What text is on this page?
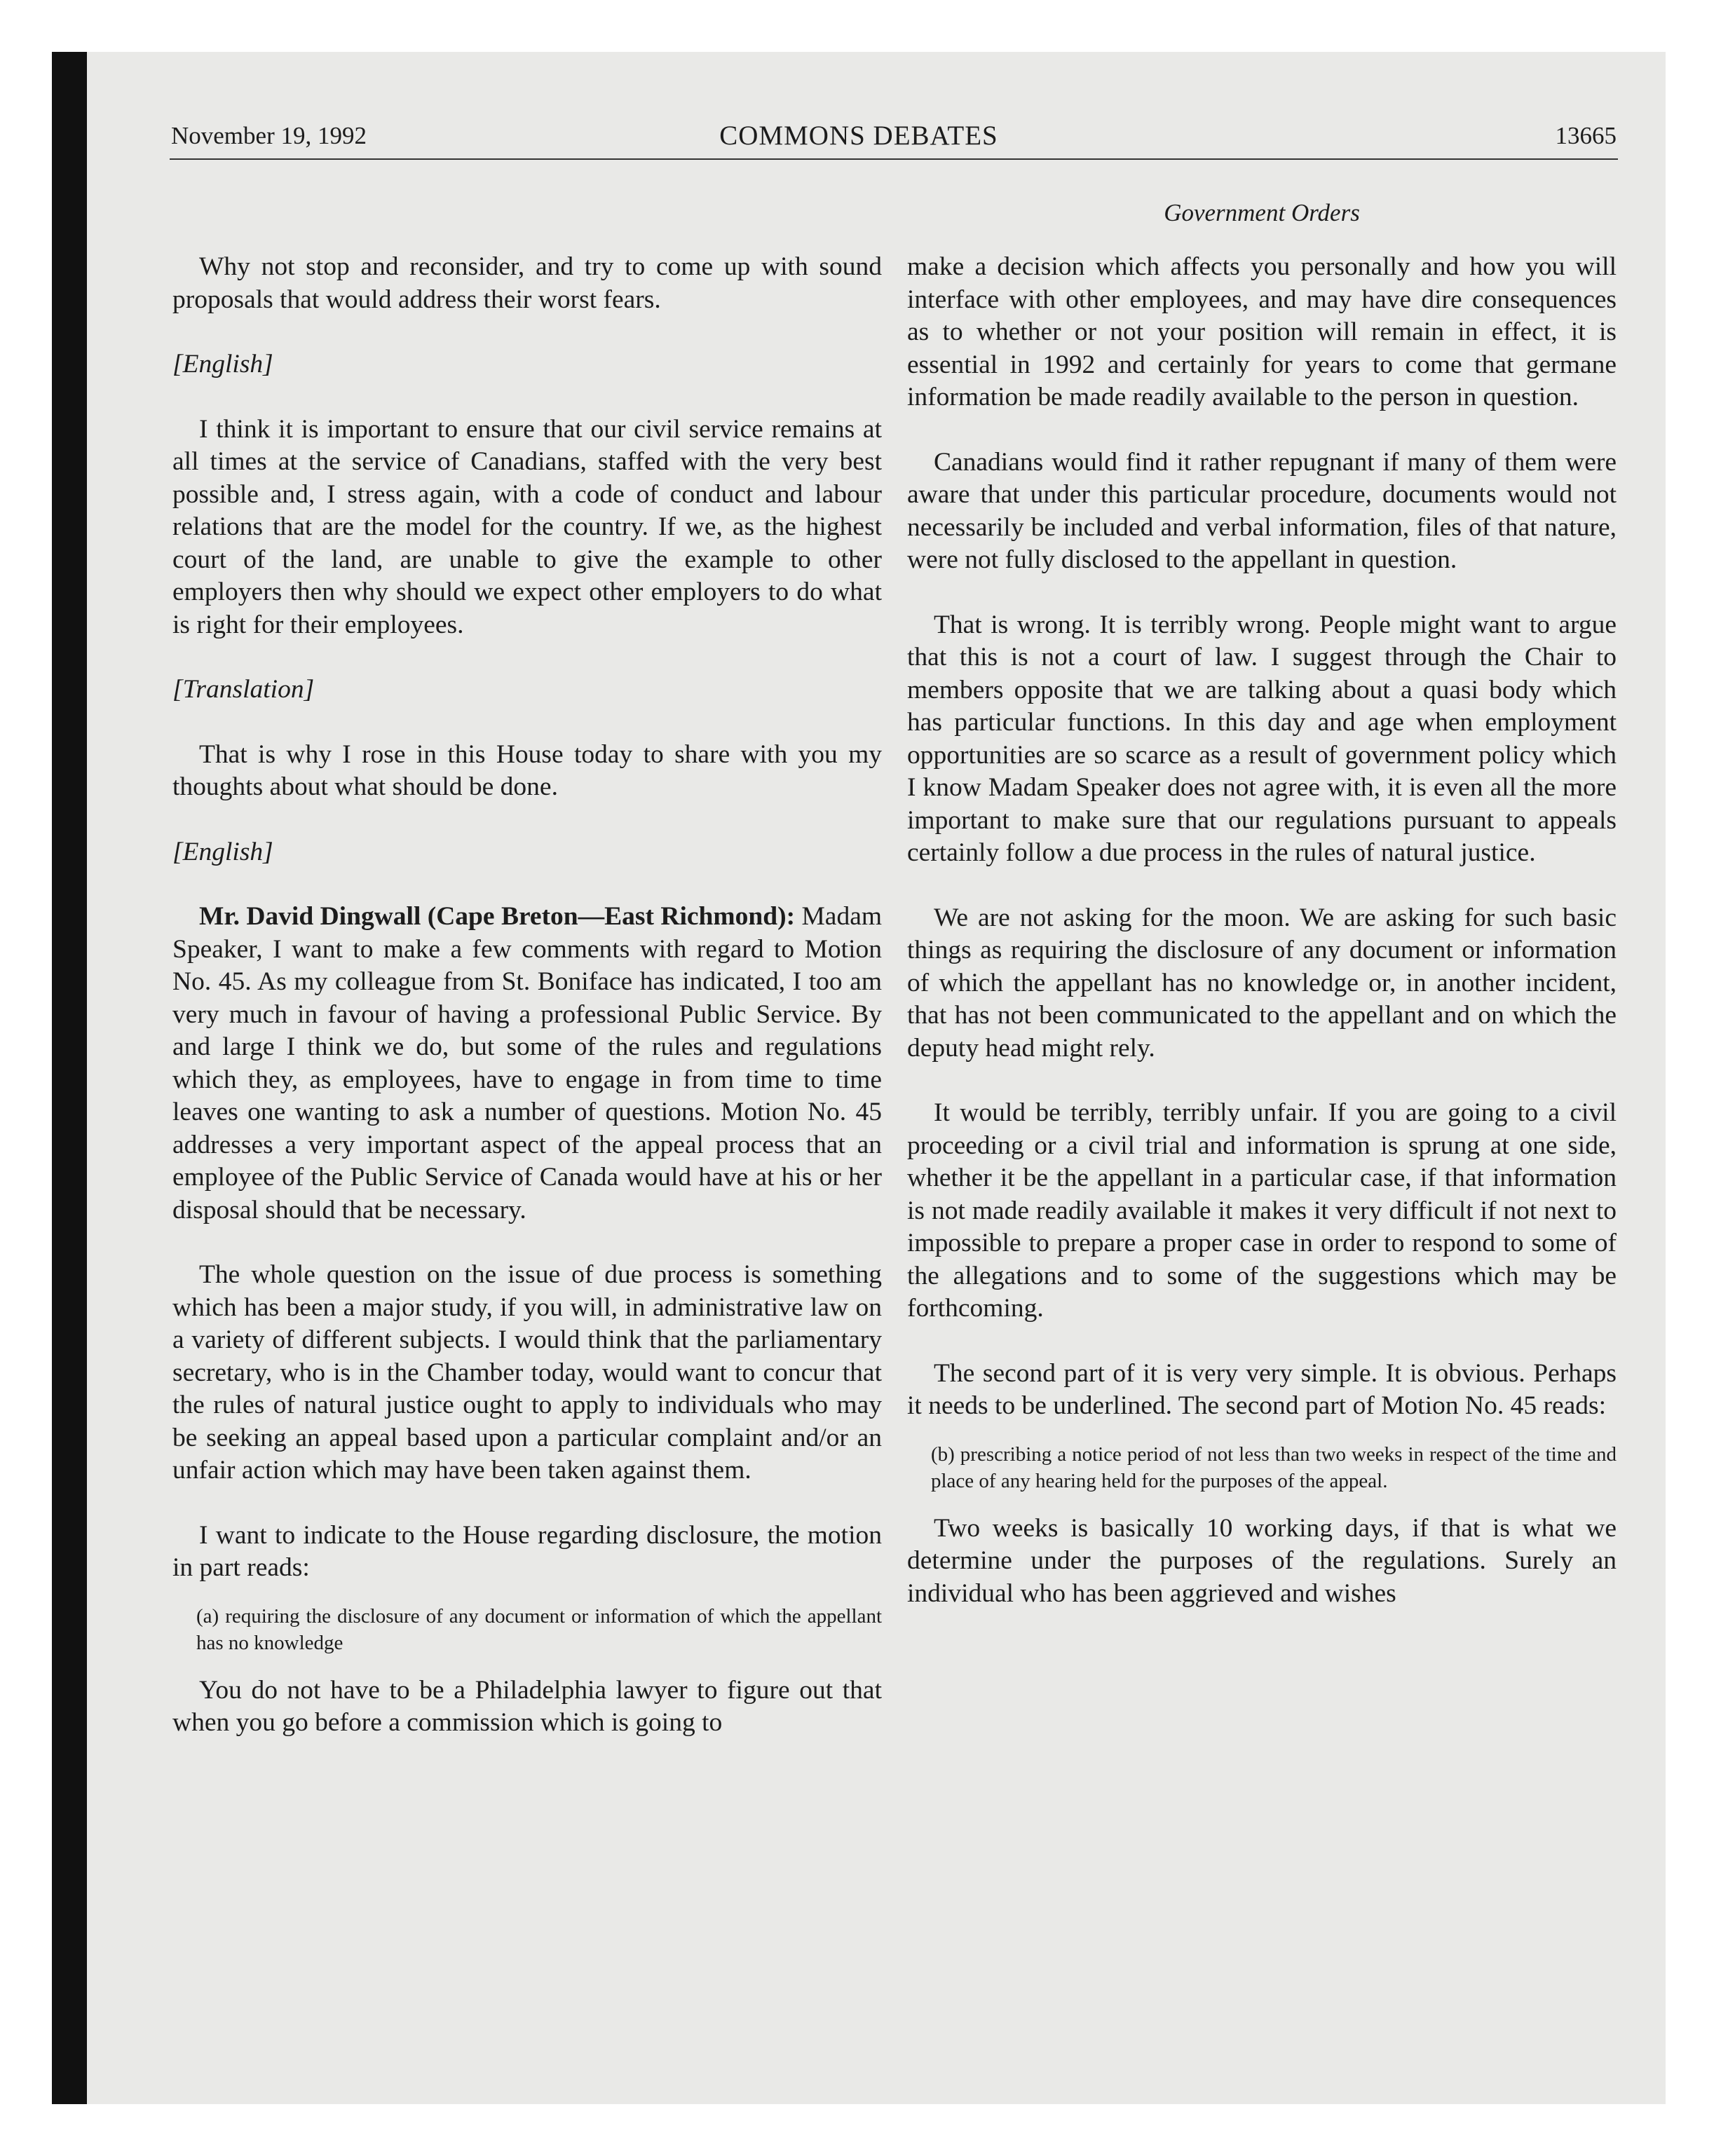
November 19, 1992	COMMONS DEBATES	13665
Government Orders

Why not stop and reconsider, and try to come up with sound proposals that would address their worst fears.

[English]

I think it is important to ensure that our civil service remains at all times at the service of Canadians, staffed with the very best possible and, I stress again, with a code of conduct and labour relations that are the model for the country. If we, as the highest court of the land, are unable to give the example to other employers then why should we expect other employers to do what is right for their employees.

[Translation]

That is why I rose in this House today to share with you my thoughts about what should be done.

[English]

Mr. David Dingwall (Cape Breton—East Richmond): Madam Speaker, I want to make a few comments with regard to Motion No. 45. As my colleague from St. Boniface has indicated, I too am very much in favour of having a professional Public Service. By and large I think we do, but some of the rules and regulations which they, as employees, have to engage in from time to time leaves one wanting to ask a number of questions. Motion No. 45 addresses a very important aspect of the appeal process that an employee of the Public Service of Canada would have at his or her disposal should that be necessary.

The whole question on the issue of due process is something which has been a major study, if you will, in administrative law on a variety of different subjects. I would think that the parliamentary secretary, who is in the Chamber today, would want to concur that the rules of natural justice ought to apply to individuals who may be seeking an appeal based upon a particular complaint and/or an unfair action which may have been taken against them.

I want to indicate to the House regarding disclosure, the motion in part reads:

(a) requiring the disclosure of any document or information of which the appellant has no knowledge

You do not have to be a Philadelphia lawyer to figure out that when you go before a commission which is going to

make a decision which affects you personally and how you will interface with other employees, and may have dire consequences as to whether or not your position will remain in effect, it is essential in 1992 and certainly for years to come that germane information be made readily available to the person in question.

Canadians would find it rather repugnant if many of them were aware that under this particular procedure, documents would not necessarily be included and verbal information, files of that nature, were not fully disclosed to the appellant in question.

That is wrong. It is terribly wrong. People might want to argue that this is not a court of law. I suggest through the Chair to members opposite that we are talking about a quasi body which has particular functions. In this day and age when employment opportunities are so scarce as a result of government policy which I know Madam Speaker does not agree with, it is even all the more important to make sure that our regulations pursuant to appeals certainly follow a due process in the rules of natural justice.

We are not asking for the moon. We are asking for such basic things as requiring the disclosure of any document or information of which the appellant has no knowledge or, in another incident, that has not been communicated to the appellant and on which the deputy head might rely.

It would be terribly, terribly unfair. If you are going to a civil proceeding or a civil trial and information is sprung at one side, whether it be the appellant in a particular case, if that information is not made readily available it makes it very difficult if not next to impossible to prepare a proper case in order to respond to some of the allegations and to some of the suggestions which may be forthcoming.

The second part of it is very very simple. It is obvious. Perhaps it needs to be underlined. The second part of Motion No. 45 reads:

(b) prescribing a notice period of not less than two weeks in respect of the time and place of any hearing held for the purposes of the appeal.

Two weeks is basically 10 working days, if that is what we determine under the purposes of the regulations. Surely an individual who has been aggrieved and wishes
